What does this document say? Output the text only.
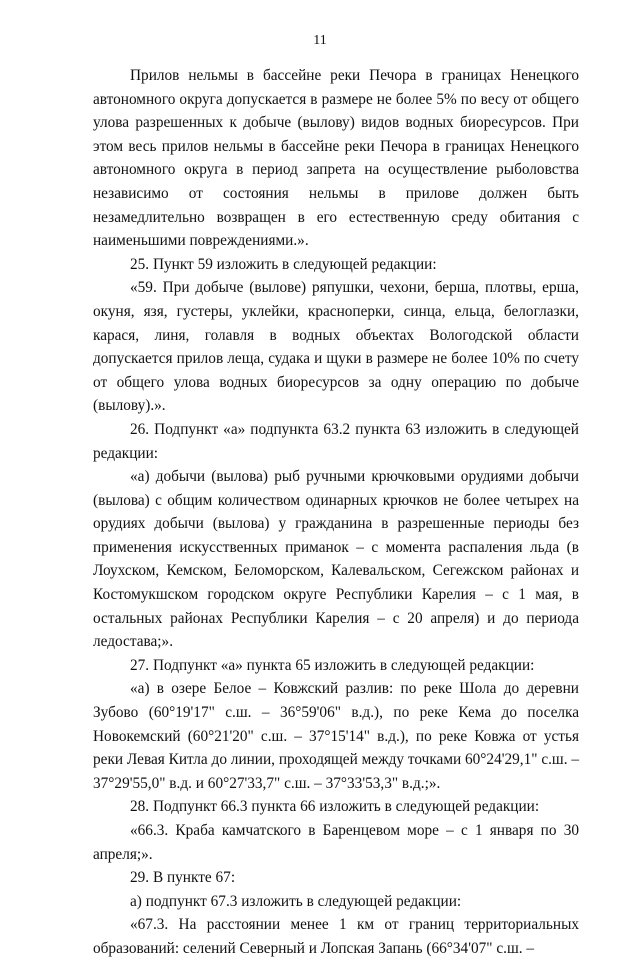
11

Прилов нельмы в бассейне реки Печора в границах Ненецкого автономного округа допускается в размере не более 5% по весу от общего улова разрешенных к добыче (вылову) видов водных биоресурсов. При этом весь прилов нельмы в бассейне реки Печора в границах Ненецкого автономного округа в период запрета на осуществление рыболовства независимо от состояния нельмы в прилове должен быть незамедлительно возвращен в его естественную среду обитания с наименьшими повреждениями.».

25. Пункт 59 изложить в следующей редакции:

«59. При добыче (вылове) ряпушки, чехони, берша, плотвы, ерша, окуня, язя, густеры, уклейки, красноперки, синца, ельца, белоглазки, карася, линя, голавля в водных объектах Вологодской области допускается прилов леща, судака и щуки в размере не более 10% по счету от общего улова водных биоресурсов за одну операцию по добыче (вылову).».

26. Подпункт «а» подпункта 63.2 пункта 63 изложить в следующей редакции:

«а) добычи (вылова) рыб ручными крючковыми орудиями добычи (вылова) с общим количеством одинарных крючков не более четырех на орудиях добычи (вылова) у гражданина в разрешенные периоды без применения искусственных приманок – с момента распаления льда (в Лоухском, Кемском, Беломорском, Калевальском, Сегежском районах и Костомукшском городском округе Республики Карелия – с 1 мая, в остальных районах Республики Карелия – с 20 апреля) и до периода ледостава;».

27. Подпункт «а» пункта 65 изложить в следующей редакции:

«а) в озере Белое – Ковжский разлив: по реке Шола до деревни Зубово (60°19'17" с.ш. – 36°59'06" в.д.), по реке Кема до поселка Новокемский (60°21'20" с.ш. – 37°15'14" в.д.), по реке Ковжа от устья реки Левая Китла до линии, проходящей между точками 60°24'29,1" с.ш. – 37°29'55,0" в.д. и 60°27'33,7" с.ш. – 37°33'53,3" в.д.;».

28. Подпункт 66.3 пункта 66 изложить в следующей редакции:

«66.3. Краба камчатского в Баренцевом море – с 1 января по 30 апреля;».

29. В пункте 67:

а) подпункт 67.3 изложить в следующей редакции:

«67.3. На расстоянии менее 1 км от границ территориальных образований: селений Северный и Лопская Запань (66°34'07" с.ш. –
